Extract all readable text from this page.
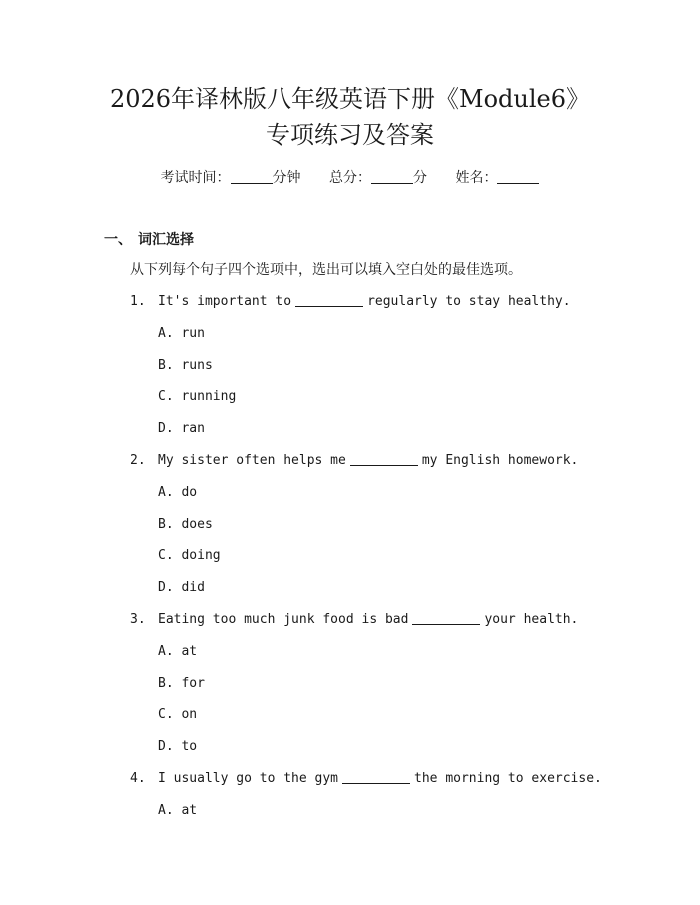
2026年译林版八年级英语下册《Module6》
专项练习及答案
考试时间：	分钟 总分：	分 姓名：
一、 词汇选择
从下列每个句子四个选项中，选出可以填入空白处的最佳选项。
1. It's important to	regularly to stay healthy.
A. run
B. runs
C. running
D. ran
2. My sister often helps me	my English homework.
A. do
B. does
C. doing
D. did
3. Eating too much junk food is bad	your health.
A. at
B. for
C. on
D. to
4. I usually go to the gym	the morning to exercise.
A. at
